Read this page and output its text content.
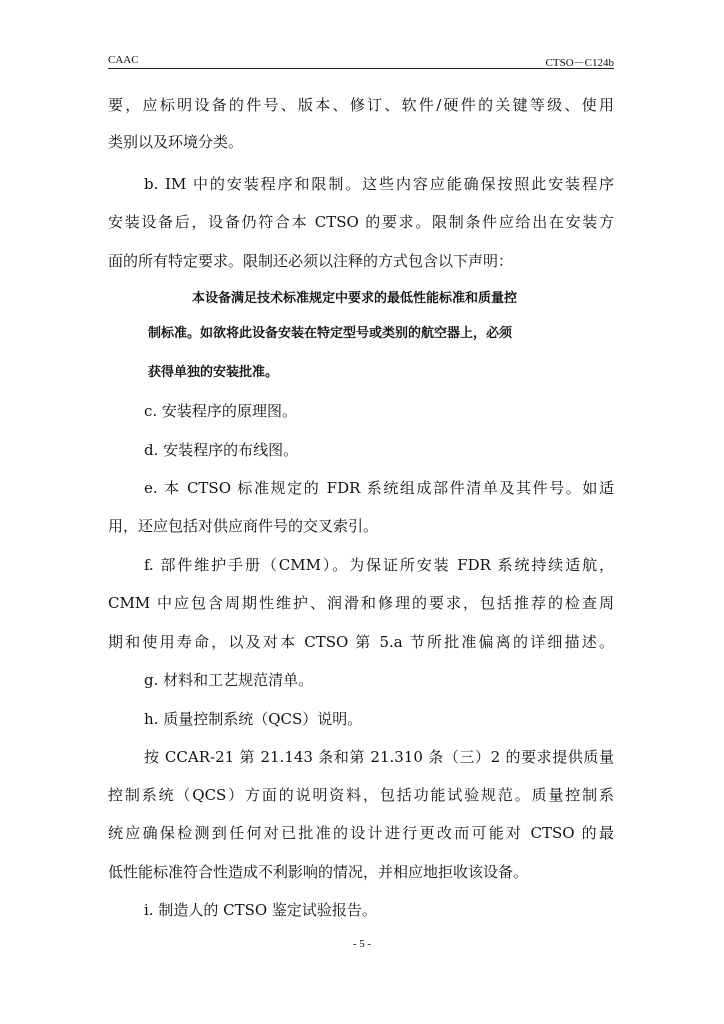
CAAC	CTSO－C124b
要，应标明设备的件号、版本、修订、软件/硬件的关键等级、使用
类别以及环境分类。
b. IM 中的安装程序和限制。这些内容应能确保按照此安装程序
安装设备后，设备仍符合本 CTSO 的要求。限制条件应给出在安装方
面的所有特定要求。限制还必须以注释的方式包含以下声明：
本设备满足技术标准规定中要求的最低性能标准和质量控
制标准。如欲将此设备安装在特定型号或类别的航空器上，必须
获得单独的安装批准。
c. 安装程序的原理图。
d. 安装程序的布线图。
e. 本 CTSO 标准规定的 FDR 系统组成部件清单及其件号。如适
用，还应包括对供应商件号的交叉索引。
f. 部件维护手册（CMM）。为保证所安装 FDR 系统持续适航，
CMM 中应包含周期性维护、润滑和修理的要求，包括推荐的检查周
期和使用寿命，以及对本 CTSO 第 5.a 节所批准偏离的详细描述。
g. 材料和工艺规范清单。
h. 质量控制系统（QCS）说明。
按 CCAR-21 第 21.143 条和第 21.310 条（三）2 的要求提供质量
控制系统（QCS）方面的说明资料，包括功能试验规范。质量控制系
统应确保检测到任何对已批准的设计进行更改而可能对 CTSO 的最
低性能标准符合性造成不利影响的情况，并相应地拒收该设备。
i. 制造人的 CTSO 鉴定试验报告。
- 5 -
